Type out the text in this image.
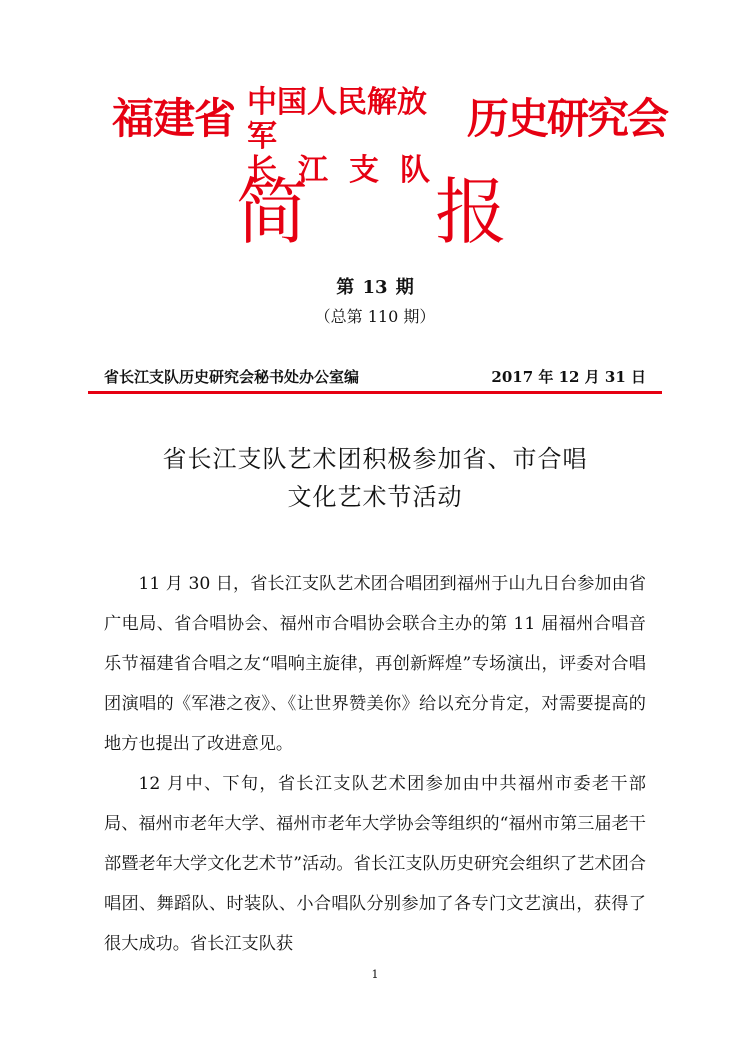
福建省 中国人民解放军
长江支队
历史研究会
简 报
第 13 期
（总第 110 期）
省长江支队历史研究会秘书处办公室编	2017 年 12 月 31 日
省长江支队艺术团积极参加省、市合唱
文化艺术节活动

11 月 30 日，省长江支队艺术团合唱团到福州于山九日台参加由省广电局、省合唱协会、福州市合唱协会联合主办的第 11 届福州合唱音乐节福建省合唱之友“唱响主旋律，再创新辉煌”专场演出，评委对合唱团演唱的《军港之夜》、《让世界赞美你》给以充分肯定，对需要提高的地方也提出了改进意见。

12 月中、下旬，省长江支队艺术团参加由中共福州市委老干部局、福州市老年大学、福州市老年大学协会等组织的“福州市第三届老干部暨老年大学文化艺术节”活动。省长江支队历史研究会组织了艺术团合唱团、舞蹈队、时装队、小合唱队分别参加了各专门文艺演出，获得了很大成功。省长江支队获

1
